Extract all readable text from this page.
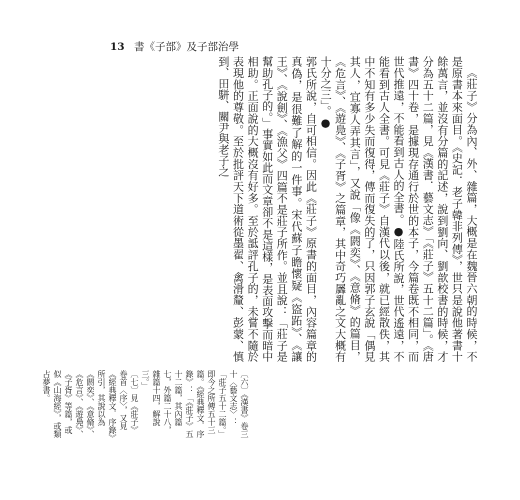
13 書《子部》及子部治學

《莊子》分為內、外、雜篇，大概是在魏晉六朝的時候，不是原書本來面目。《史記．老子韓非列傳》，世只是說他著書十餘萬言，並沒有分篇的記述，說到劉向、劉歆校書的時候，才分為五十二篇，見《漢書．藝文志》「《莊子》五十二篇」。《唐書》四十卷，是據現存通行於世的本子，今篇卷既不相同，而世代推遠，不能看到古人的全書。●陸氏所說，世代遙遠，不能看到古人全書。可見《莊子》自漢代以後，就已經散佚，其中不知有多少失而復得，傳而復失的了，只因郭子玄說「偶見其人，宜寡人弄其言」，又說「像《閼奕》、《意脩》的篇目，《危言》、《遊鳧》、《子胥》之篇章，其中奇巧羼亂之文大概有十分之三」。●

郭氏所說，自可相信。因此《莊子》原書的面目，內容篇章的真偽，是很難了解的一件事。宋代蘇子瞻懷疑《盜跖》、《讓王》、《說劍》、《漁父》四篇不是莊子所作。並且說：「莊子是幫助孔子的。」事實如此而文章卻不是這樣，是表面攻擊而暗中相助。正面說的大概沒有好多。至於詆評孔子的，未嘗不隨於表現他的尊敬。至於批評天下道術從墨翟、禽滑釐、彭蒙、慎到、田駢、關尹與老子之

〔六〕《漢書》卷三十〈藝文志〉：「莊子五十二篇。」即今之所傳五十三篇。《經典釋文．序錄》：「《莊子》五十二篇，其內篇七，外篇二十八，雜篇十四，解說三。」

〔七〕見《莊子》卷首〈序〉，又見《經典釋文．序錄》所引，其說以為《閼奕》、《意脩》、《危言》、《遊鳧》、《子胥》等篇，或似《山海經》，或類占夢書。
